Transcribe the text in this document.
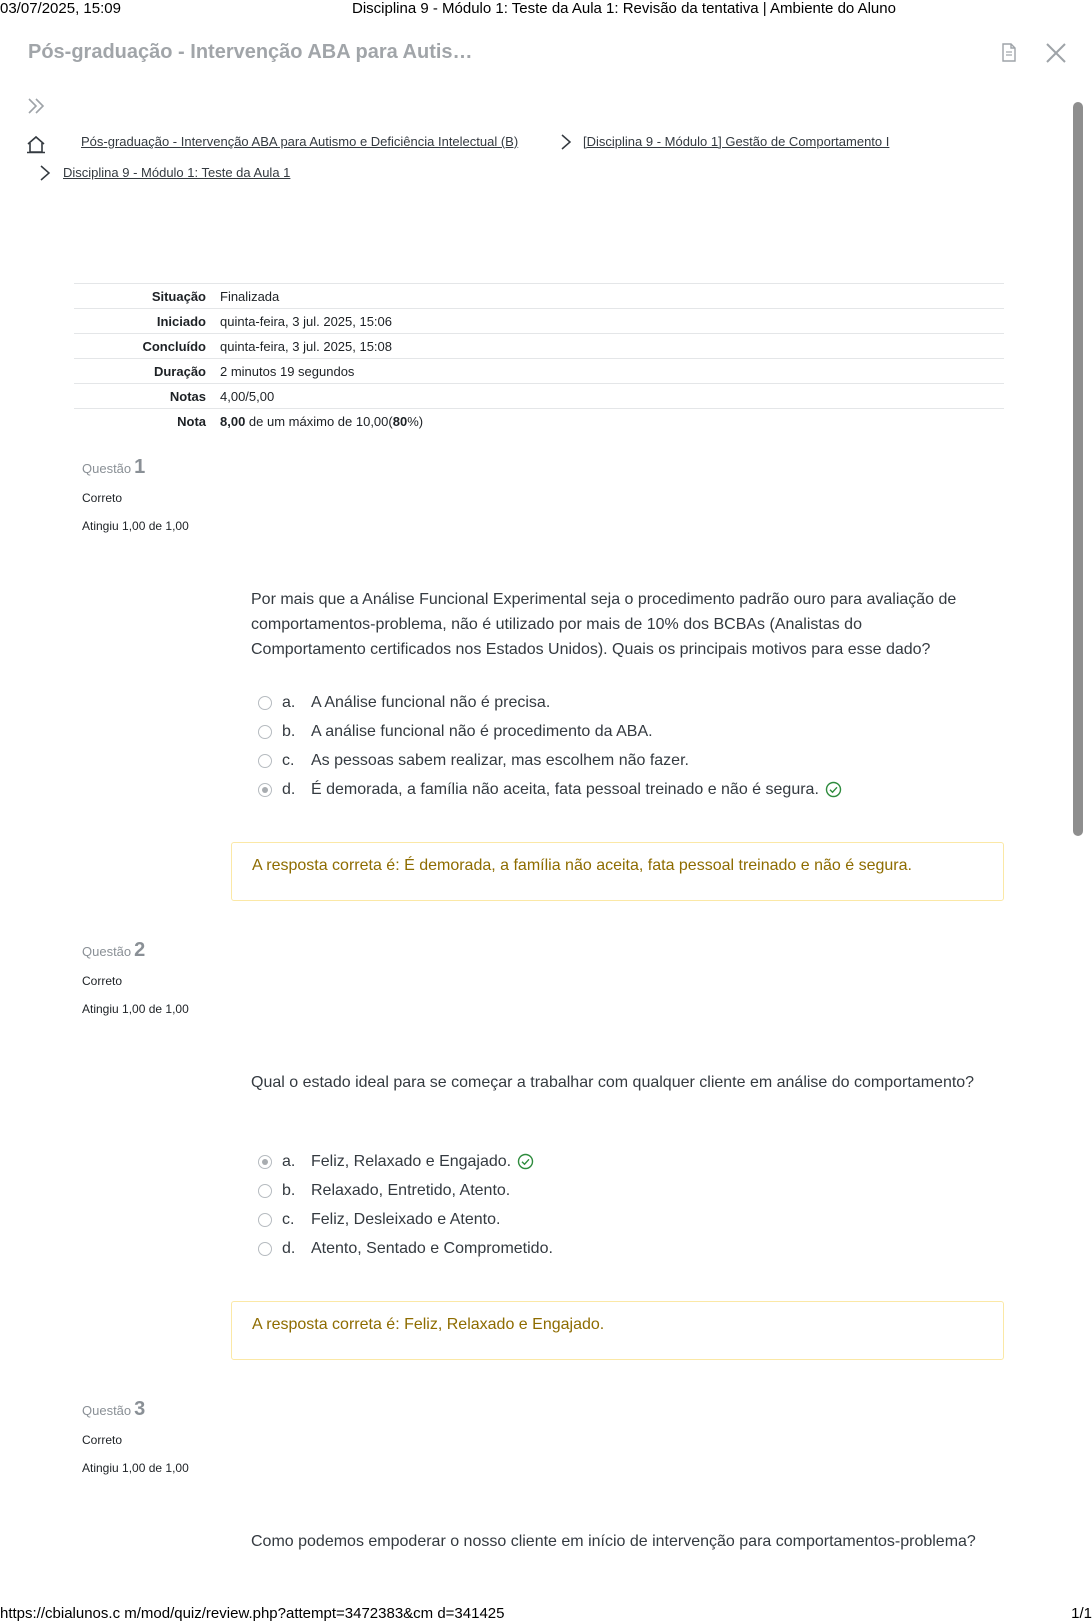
03/07/2025, 15:09	Disciplina 9 - Módulo 1: Teste da Aula 1: Revisão da tentativa | Ambiente do Aluno
Pós-graduação - Intervenção ABA para Autis…
Pós-graduação - Intervenção ABA para Autismo e Deficiência Intelectual (B)	[Disciplina 9 - Módulo 1] Gestão de Comportamento I
Disciplina 9 - Módulo 1: Teste da Aula 1
Situação	Finalizada
Iniciado	quinta-feira, 3 jul. 2025, 15:06
Concluído	quinta-feira, 3 jul. 2025, 15:08
Duração	2 minutos 19 segundos
Notas	4,00/5,00
Nota	8,00 de um máximo de 10,00(80%)
Questão 1
Correto
Atingiu 1,00 de 1,00
Por mais que a Análise Funcional Experimental seja o procedimento padrão ouro para avaliação de comportamentos-problema, não é utilizado por mais de 10% dos BCBAs (Analistas do Comportamento certificados nos Estados Unidos). Quais os principais motivos para esse dado?
a. A Análise funcional não é precisa.
b. A análise funcional não é procedimento da ABA.
c.	As pessoas sabem realizar, mas escolhem não fazer.
d. É demorada, a família não aceita, fata pessoal treinado e não é segura.
A resposta correta é: É demorada, a família não aceita, fata pessoal treinado e não é segura.
Questão 2
Correto
Atingiu 1,00 de 1,00
Qual o estado ideal para se começar a trabalhar com qualquer cliente em análise do comportamento?
a. Feliz, Relaxado e Engajado.
b. Relaxado, Entretido, Atento.
c.	Feliz, Desleixado e Atento.
d. Atento, Sentado e Comprometido.
A resposta correta é: Feliz, Relaxado e Engajado.
Questão 3
Correto
Atingiu 1,00 de 1,00
Como podemos empoderar o nosso cliente em início de intervenção para comportamentos-problema?
https://cbialunos.c m/mod/quiz/review.php?attempt=3472383&cm d=341425	1/1
